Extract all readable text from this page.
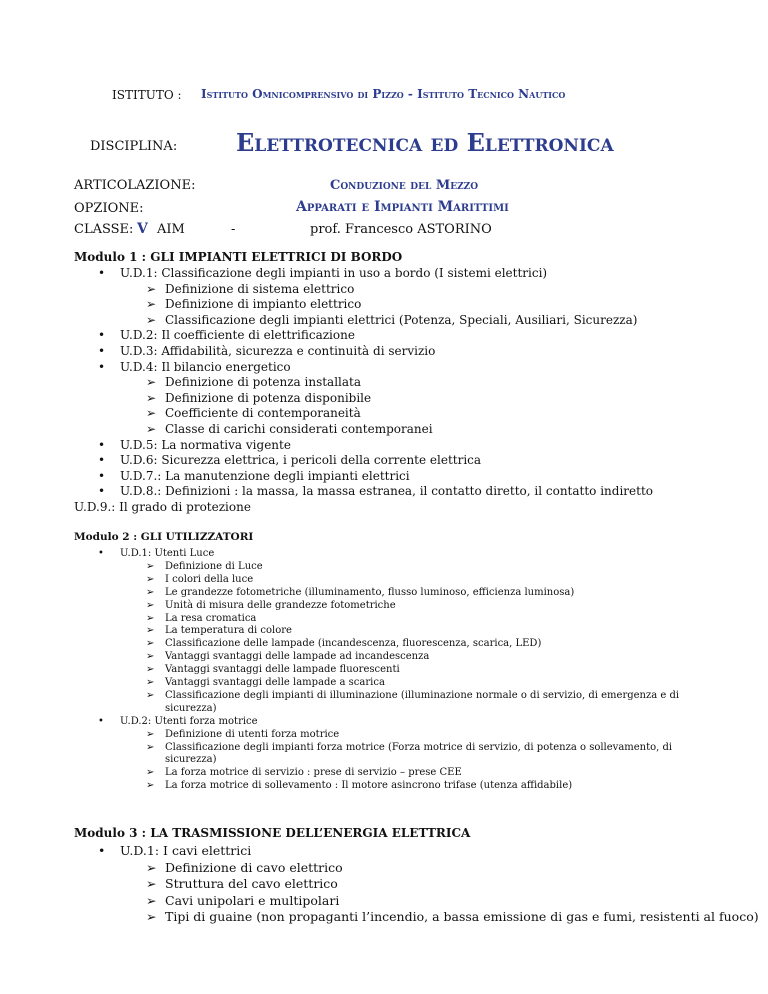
ISTITUTO : Istituto Omnicomprensivo di Pizzo - Istituto Tecnico Nautico
DISCIPLINA: Elettrotecnica ed Elettronica
ARTICOLAZIONE:	Conduzione del Mezzo
OPZIONE:	Apparati e Impianti Marittimi
CLASSE: V AIM	-	prof. Francesco ASTORINO
Modulo 1 : GLI IMPIANTI ELETTRICI DI BORDO
• U.D.1: Classificazione degli impianti in uso a bordo (I sistemi elettrici)
➢ Definizione di sistema elettrico
➢ Definizione di impianto elettrico
➢ Classificazione degli impianti elettrici (Potenza, Speciali, Ausiliari, Sicurezza)
• U.D.2: Il coefficiente di elettrificazione
• U.D.3: Affidabilità, sicurezza e continuità di servizio
• U.D.4: Il bilancio energetico
➢ Definizione di potenza installata
➢ Definizione di potenza disponibile
➢ Coefficiente di contemporaneità
➢ Classe di carichi considerati contemporanei
• U.D.5: La normativa vigente
• U.D.6: Sicurezza elettrica, i pericoli della corrente elettrica
• U.D.7.: La manutenzione degli impianti elettrici
• U.D.8.: Definizioni : la massa, la massa estranea, il contatto diretto, il contatto indiretto
U.D.9.: Il grado di protezione
Modulo 2 : GLI UTILIZZATORI
• U.D.1: Utenti Luce
➢ Definizione di Luce
➢ I colori della luce
➢ Le grandezze fotometriche (illuminamento, flusso luminoso, efficienza luminosa)
➢ Unità di misura delle grandezze fotometriche
➢ La resa cromatica
➢ La temperatura di colore
➢ Classificazione delle lampade (incandescenza, fluorescenza, scarica, LED)
➢ Vantaggi svantaggi delle lampade ad incandescenza
➢ Vantaggi svantaggi delle lampade fluorescenti
➢ Vantaggi svantaggi delle lampade a scarica
➢ Classificazione degli impianti di illuminazione (illuminazione normale o di servizio, di emergenza e di
sicurezza)
• U.D.2: Utenti forza motrice
➢ Definizione di utenti forza motrice
➢ Classificazione degli impianti forza motrice (Forza motrice di servizio, di potenza o sollevamento, di
sicurezza)
➢ La forza motrice di servizio : prese di servizio – prese CEE
➢ La forza motrice di sollevamento : Il motore asincrono trifase (utenza affidabile)
Modulo 3 : LA TRASMISSIONE DELL’ENERGIA ELETTRICA
• U.D.1: I cavi elettrici
➢ Definizione di cavo elettrico
➢ Struttura del cavo elettrico
➢ Cavi unipolari e multipolari
➢ Tipi di guaine (non propaganti l’incendio, a bassa emissione di gas e fumi, resistenti al fuoco)
